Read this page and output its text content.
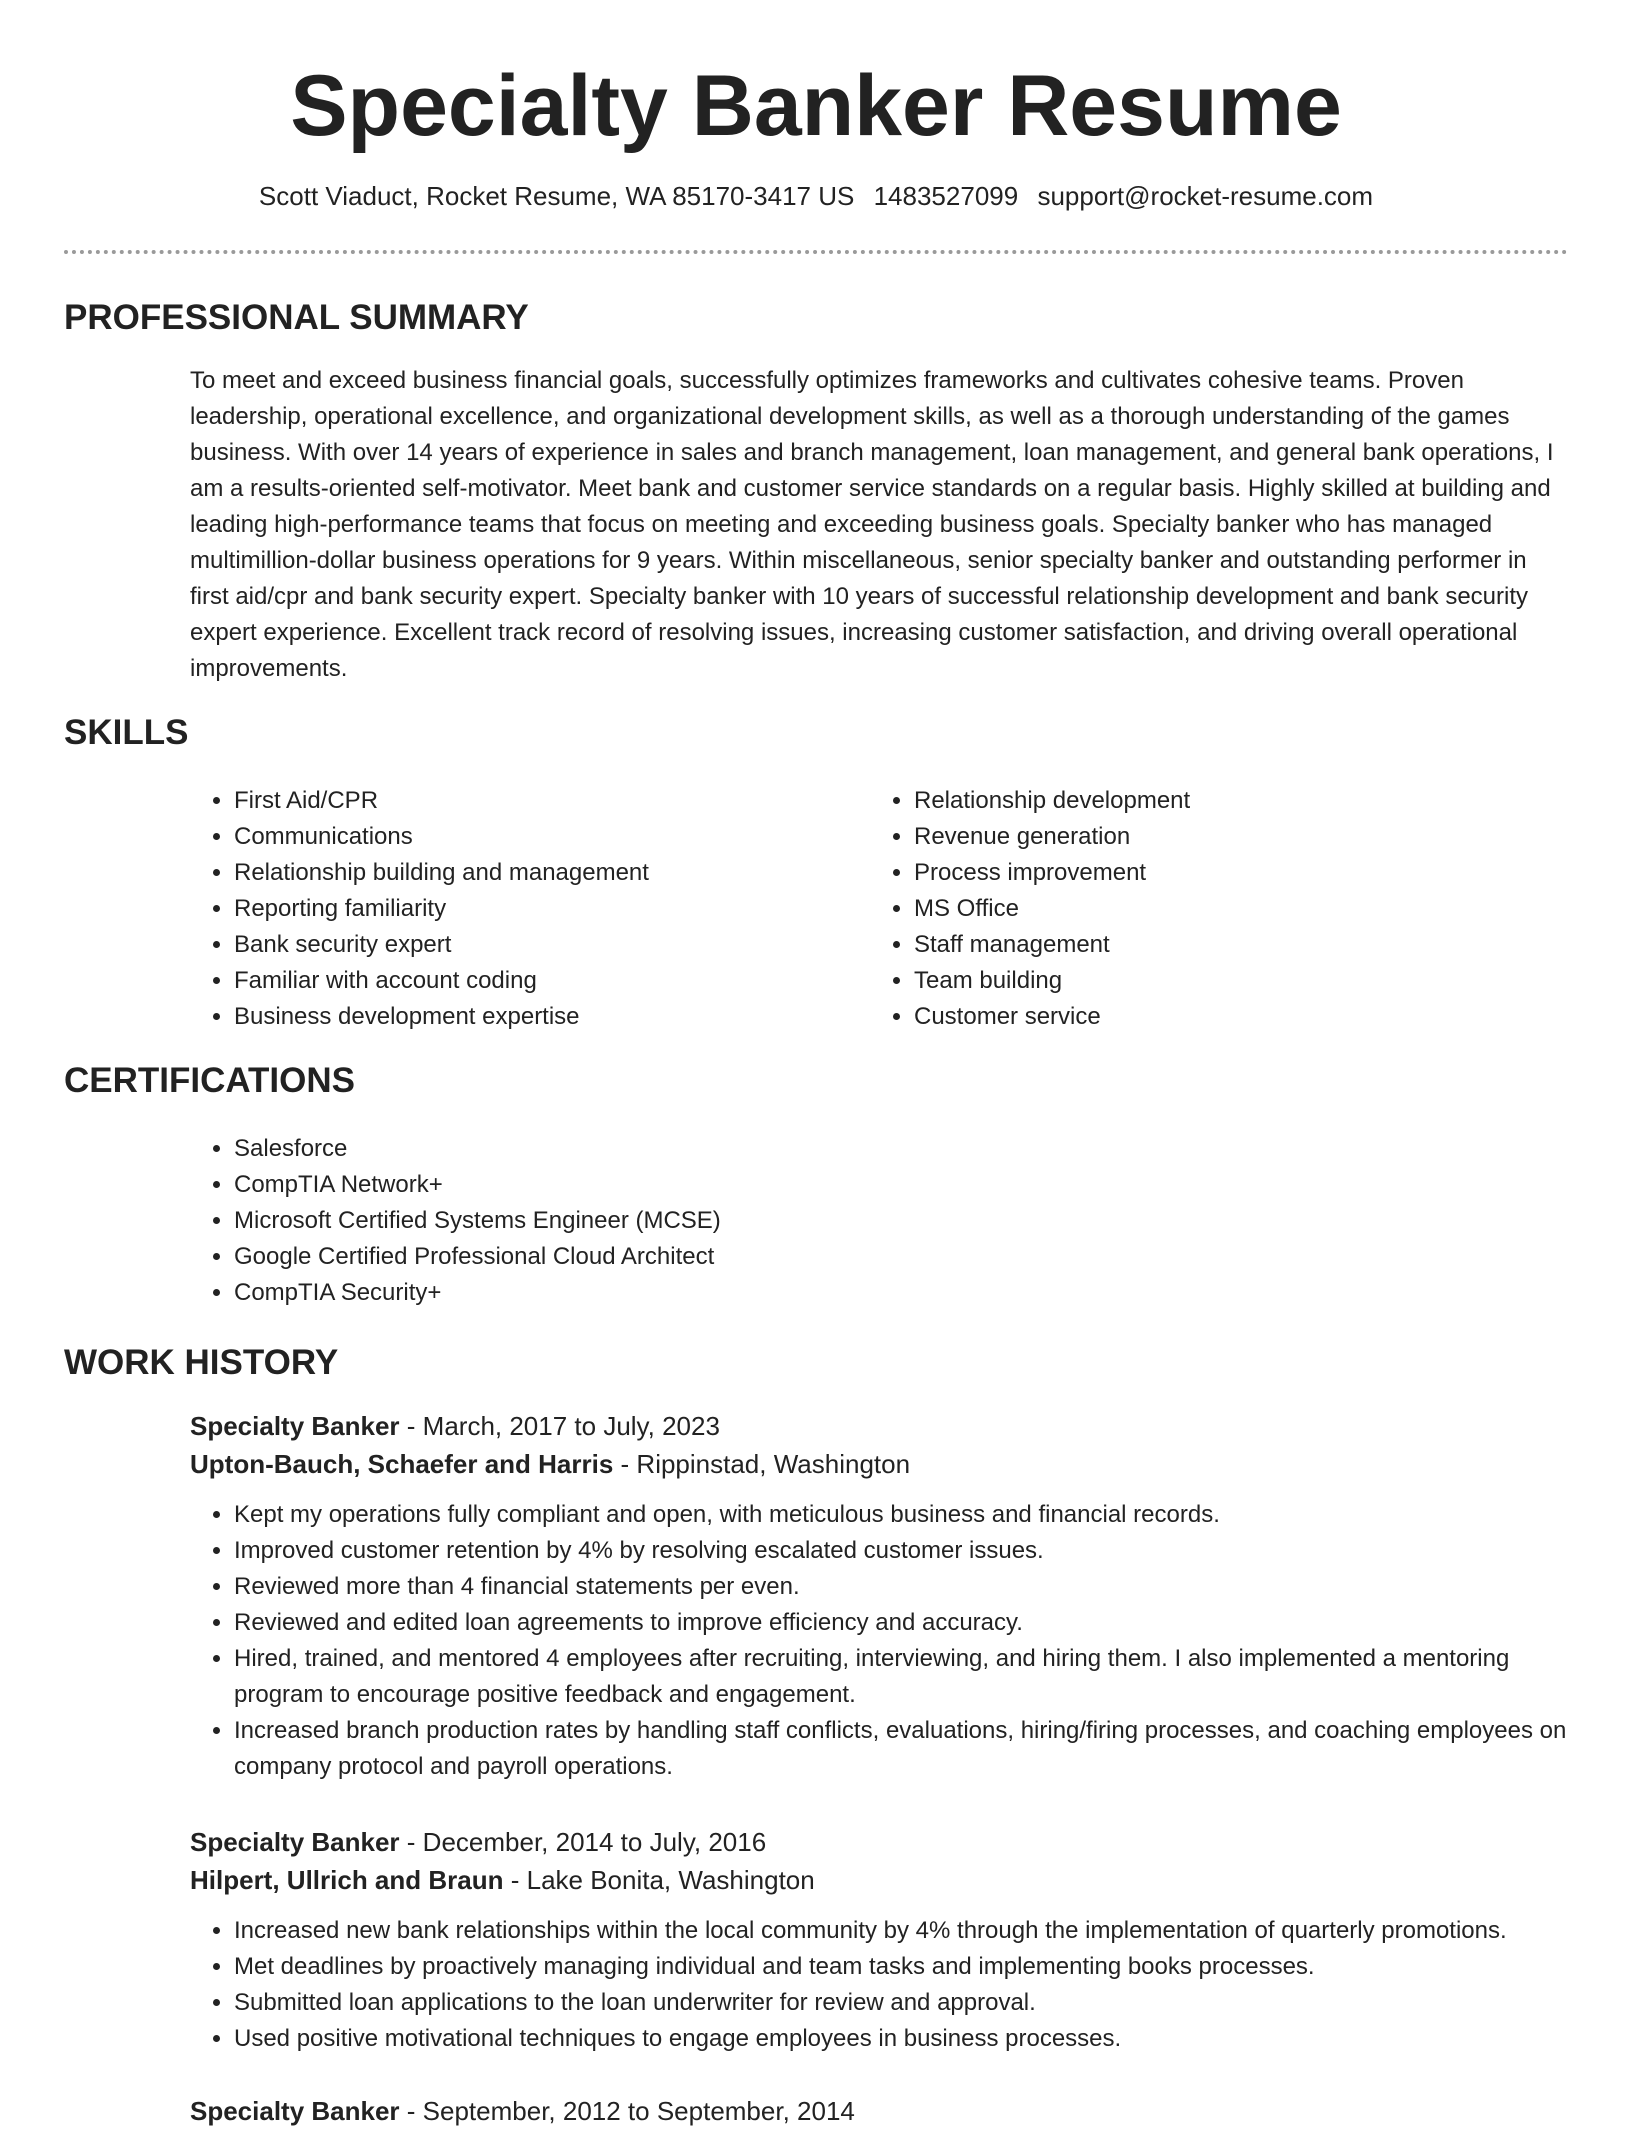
Specialty Banker Resume
Scott Viaduct, Rocket Resume, WA 85170-3417 US 1483527099 support@rocket-resume.com
PROFESSIONAL SUMMARY

To meet and exceed business financial goals, successfully optimizes frameworks and cultivates cohesive teams. Proven leadership, operational excellence, and organizational development skills, as well as a thorough understanding of the games business. With over 14 years of experience in sales and branch management, loan management, and general bank operations, I am a results-oriented self-motivator. Meet bank and customer service standards on a regular basis. Highly skilled at building and leading high-performance teams that focus on meeting and exceeding business goals. Specialty banker who has managed multimillion-dollar business operations for 9 years. Within miscellaneous, senior specialty banker and outstanding performer in first aid/cpr and bank security expert. Specialty banker with 10 years of successful relationship development and bank security expert experience. Excellent track record of resolving issues, increasing customer satisfaction, and driving overall operational improvements.

SKILLS
• First Aid/CPR
• Communications
• Relationship building and management
• Reporting familiarity
• Bank security expert
• Familiar with account coding
• Business development expertise
• Relationship development
• Revenue generation
• Process improvement
• MS Office
• Staff management
• Team building
• Customer service
CERTIFICATIONS
• Salesforce
• CompTIA Network+
• Microsoft Certified Systems Engineer (MCSE)
• Google Certified Professional Cloud Architect
• CompTIA Security+
WORK HISTORY
Specialty Banker - March, 2017 to July, 2023
Upton-Bauch, Schaefer and Harris - Rippinstad, Washington
• Kept my operations fully compliant and open, with meticulous business and financial records.
• Improved customer retention by 4% by resolving escalated customer issues.
• Reviewed more than 4 financial statements per even.
• Reviewed and edited loan agreements to improve efficiency and accuracy.
• Hired, trained, and mentored 4 employees after recruiting, interviewing, and hiring them. I also implemented a mentoring program to encourage positive feedback and engagement.
• Increased branch production rates by handling staff conflicts, evaluations, hiring/firing processes, and coaching employees on company protocol and payroll operations.
Specialty Banker - December, 2014 to July, 2016
Hilpert, Ullrich and Braun - Lake Bonita, Washington
• Increased new bank relationships within the local community by 4% through the implementation of quarterly promotions.
• Met deadlines by proactively managing individual and team tasks and implementing books processes.
• Submitted loan applications to the loan underwriter for review and approval.
• Used positive motivational techniques to engage employees in business processes.
Specialty Banker - September, 2012 to September, 2014
